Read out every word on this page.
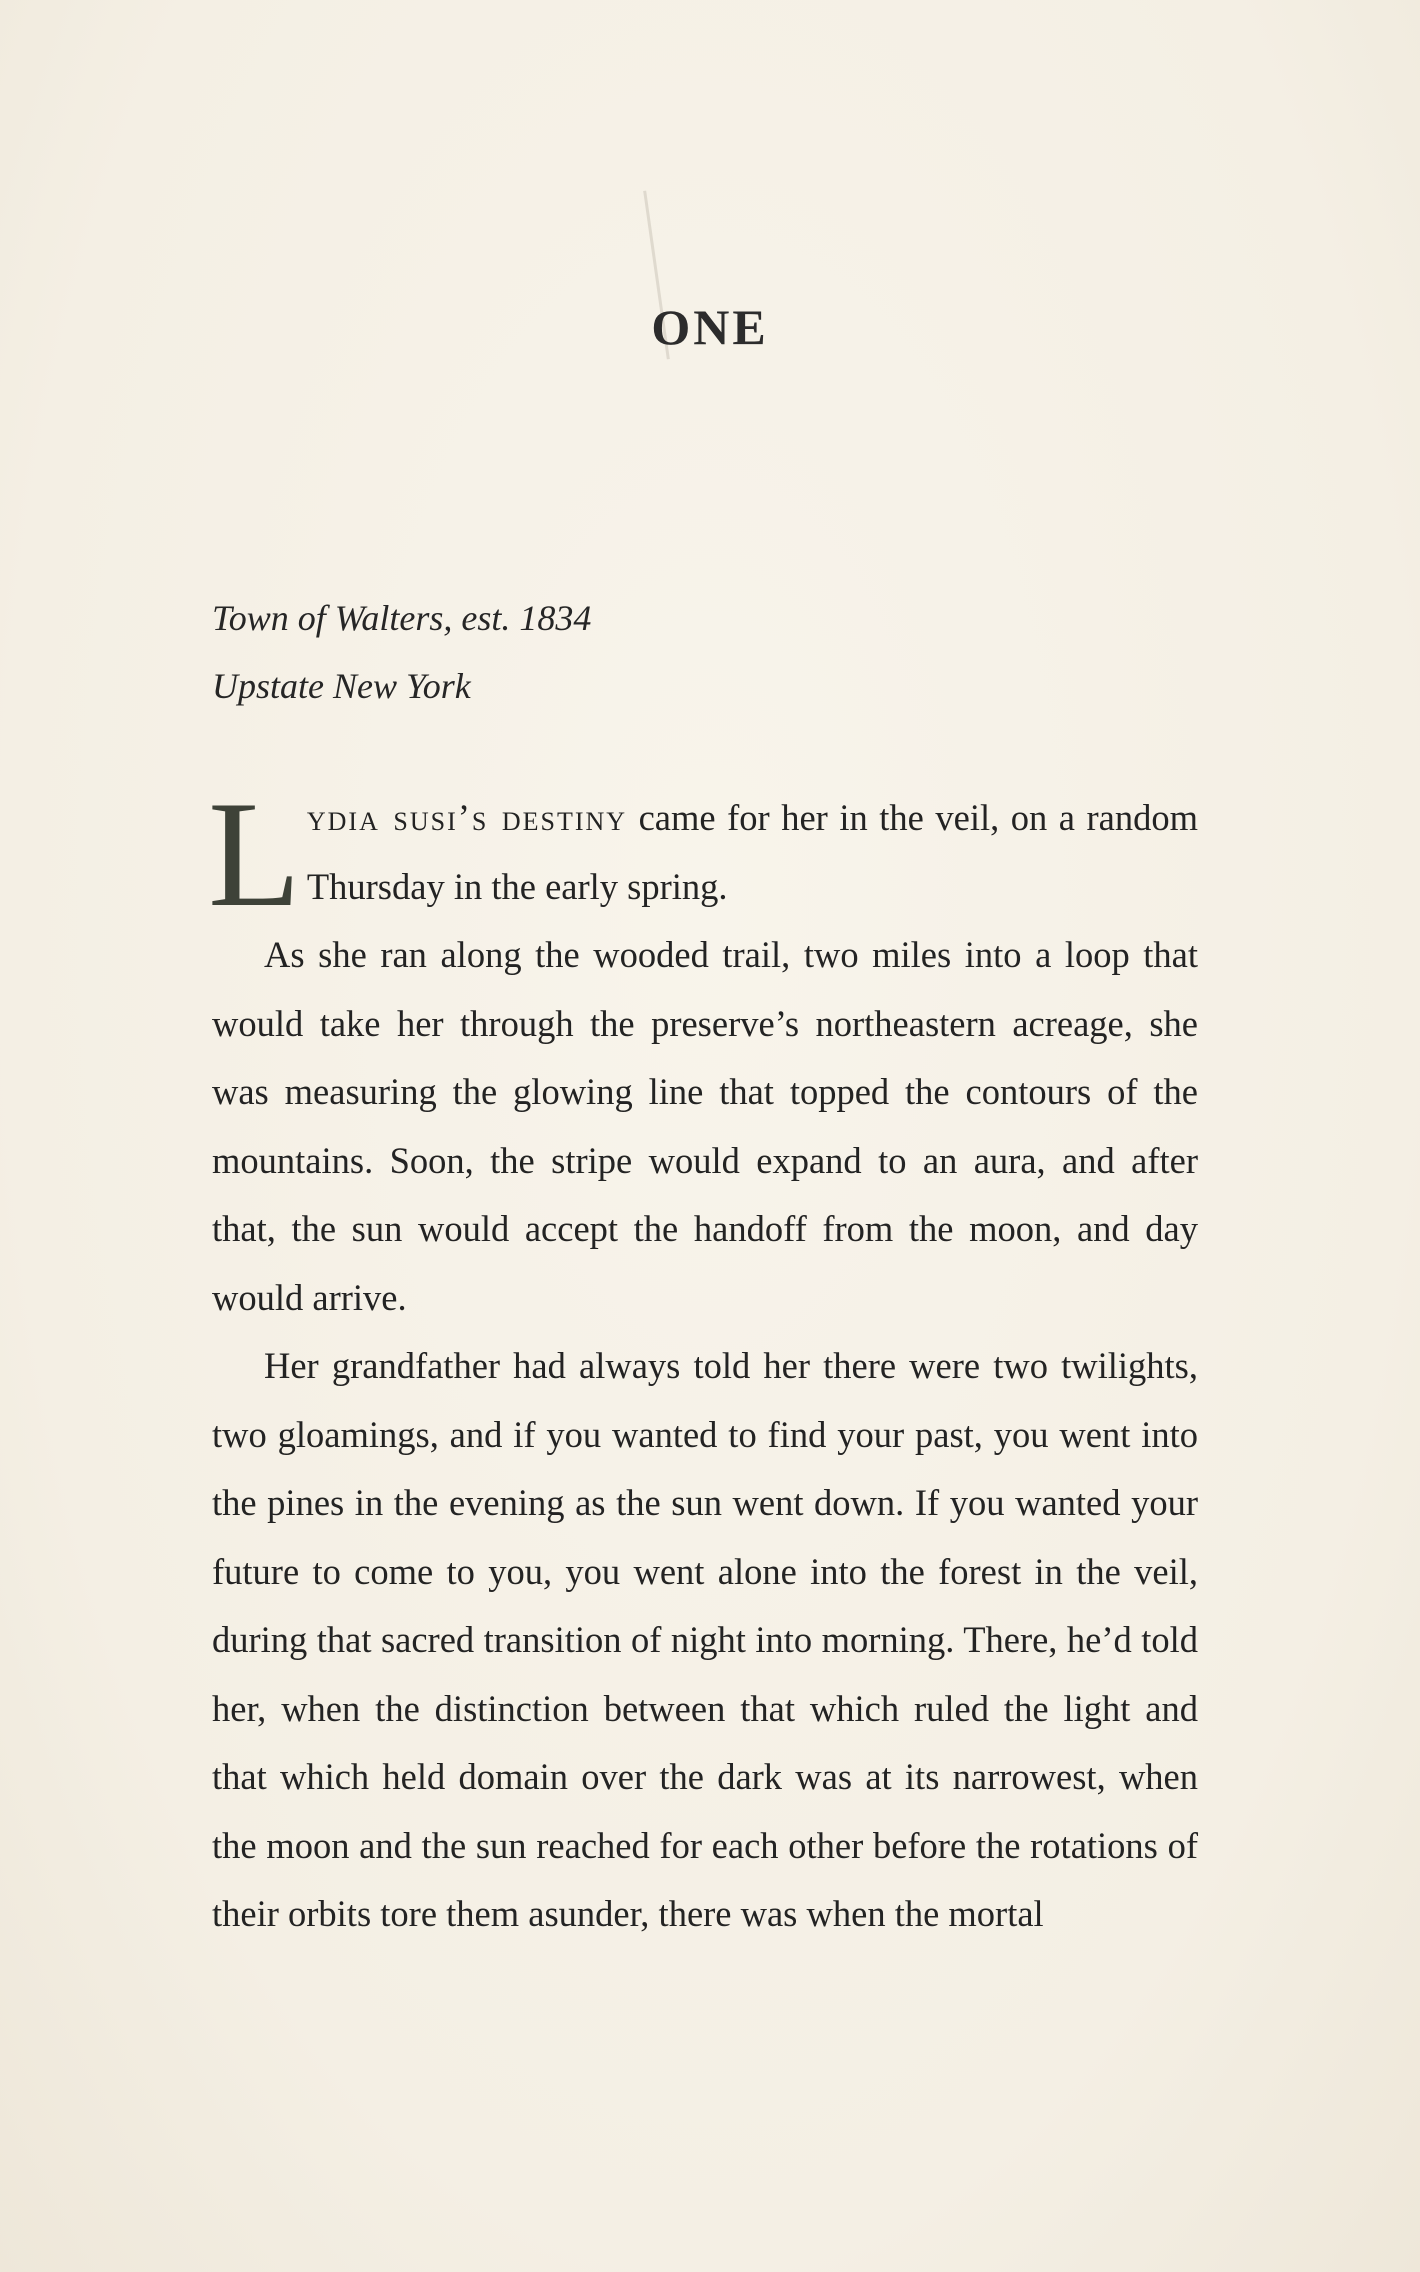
ONE
Town of Walters, est. 1834
Upstate New York

Lydia susi’s destiny came for her in the veil, on a random Thursday in the early spring.

As she ran along the wooded trail, two miles into a loop that would take her through the preserve’s northeastern acreage, she was measuring the glowing line that topped the contours of the mountains. Soon, the stripe would expand to an aura, and after that, the sun would accept the handoff from the moon, and day would arrive.

Her grandfather had always told her there were two twilights, two gloamings, and if you wanted to find your past, you went into the pines in the evening as the sun went down. If you wanted your future to come to you, you went alone into the forest in the veil, during that sacred transition of night into morning. There, he’d told her, when the distinction between that which ruled the light and that which held domain over the dark was at its narrowest, when the moon and the sun reached for each other before the rotations of their orbits tore them asunder, there was when the mortal
